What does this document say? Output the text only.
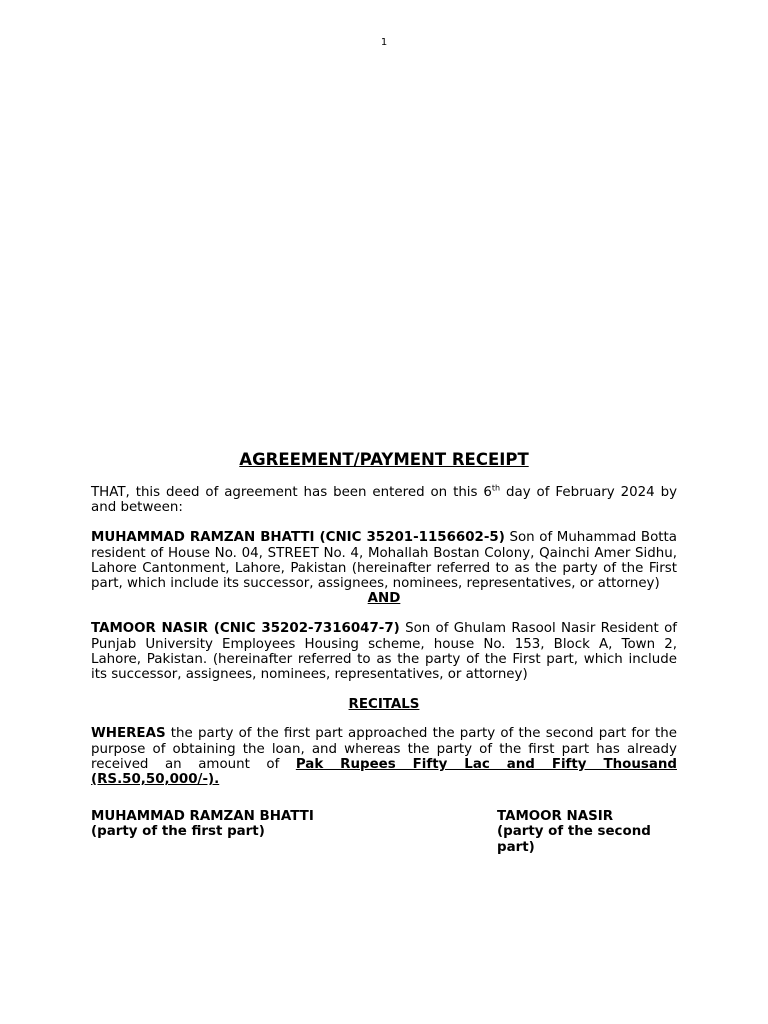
1
AGREEMENT/PAYMENT RECEIPT

THAT, this deed of agreement has been entered on this 6th day of February 2024 by and between:

MUHAMMAD RAMZAN BHATTI (CNIC 35201-1156602-5) Son of Muhammad Botta resident of House No. 04, STREET No. 4, Mohallah Bostan Colony, Qainchi Amer Sidhu, Lahore Cantonment, Lahore, Pakistan (hereinafter referred to as the party of the First part, which include its successor, assignees, nominees, representatives, or attorney)

AND

TAMOOR NASIR (CNIC 35202-7316047-7) Son of Ghulam Rasool Nasir Resident of Punjab University Employees Housing scheme, house No. 153, Block A, Town 2, Lahore, Pakistan. (hereinafter referred to as the party of the First part, which include its successor, assignees, nominees, representatives, or attorney)

RECITALS

WHEREAS the party of the first part approached the party of the second part for the purpose of obtaining the loan, and whereas the party of the first part has already received an amount of Pak Rupees Fifty Lac and Fifty Thousand (RS.50,50,000/-).

MUHAMMAD RAMZAN BHATTI
(party of the first part)
TAMOOR NASIR
(party of the second part)
